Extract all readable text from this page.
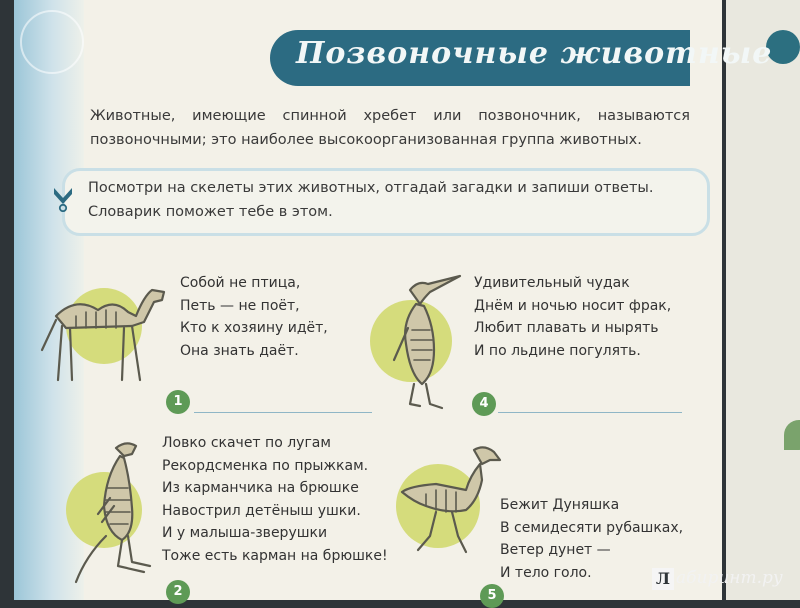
Позвоночные животные
Животные, имеющие спинной хребет или позвоночник, называются позвоночными; это наиболее высокоорганизованная группа животных.
Посмотри на скелеты этих животных, отгадай загадки и запиши ответы.
Словарик поможет тебе в этом.
Собой не птица,
Петь — не поёт,
Кто к хозяину идёт,
Она знать даёт.
1
Удивительный чудак
Днём и ночью носит фрак,
Любит плавать и нырять
И по льдине погулять.
4
Ловко скачет по лугам
Рекордсменка по прыжкам.
Из карманчика на брюшке
Навострил детёныш ушки.
И у малыша-зверушки
Тоже есть карман на брюшке!
2
Бежит Дуняшка
В семидесяти рубашках,
Ветер дунет —
И тело голо.
5
Л абиринт.ру
